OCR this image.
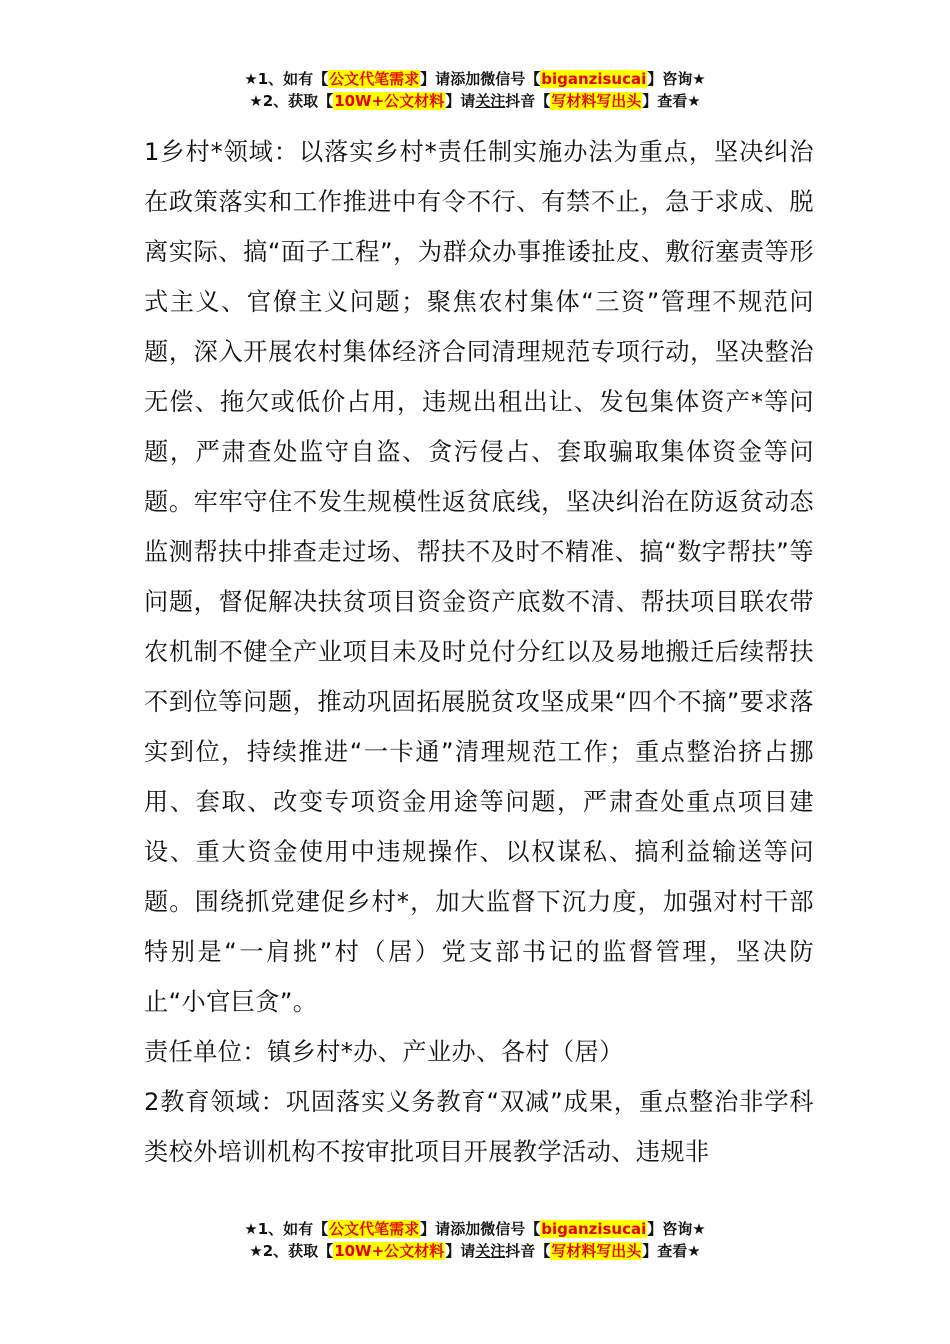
★1、如有【公文代笔需求】请添加微信号【biganzisucai】咨询★
★2、获取【10W+公文材料】请关注抖音【写材料写出头】查看★

1乡村*领域：以落实乡村*责任制实施办法为重点，坚决纠治在政策落实和工作推进中有令不行、有禁不止，急于求成、脱离实际、搞“面子工程”，为群众办事推诿扯皮、敷衍塞责等形式主义、官僚主义问题；聚焦农村集体“三资”管理不规范问题，深入开展农村集体经济合同清理规范专项行动，坚决整治无偿、拖欠或低价占用，违规出租出让、发包集体资产*等问题，严肃查处监守自盗、贪污侵占、套取骗取集体资金等问题。牢牢守住不发生规模性返贫底线，坚决纠治在防返贫动态监测帮扶中排查走过场、帮扶不及时不精准、搞“数字帮扶”等问题，督促解决扶贫项目资金资产底数不清、帮扶项目联农带农机制不健全产业项目未及时兑付分红以及易地搬迁后续帮扶不到位等问题，推动巩固拓展脱贫攻坚成果“四个不摘”要求落实到位，持续推进“一卡通”清理规范工作；重点整治挤占挪用、套取、改变专项资金用途等问题，严肃查处重点项目建设、重大资金使用中违规操作、以权谋私、搞利益输送等问题。围绕抓党建促乡村*，加大监督下沉力度，加强对村干部特别是“一肩挑”村（居）党支部书记的监督管理，坚决防止“小官巨贪”。

责任单位：镇乡村*办、产业办、各村（居）

2教育领域：巩固落实义务教育“双减”成果，重点整治非学科类校外培训机构不按审批项目开展教学活动、违规非

★1、如有【公文代笔需求】请添加微信号【biganzisucai】咨询★
★2、获取【10W+公文材料】请关注抖音【写材料写出头】查看★
